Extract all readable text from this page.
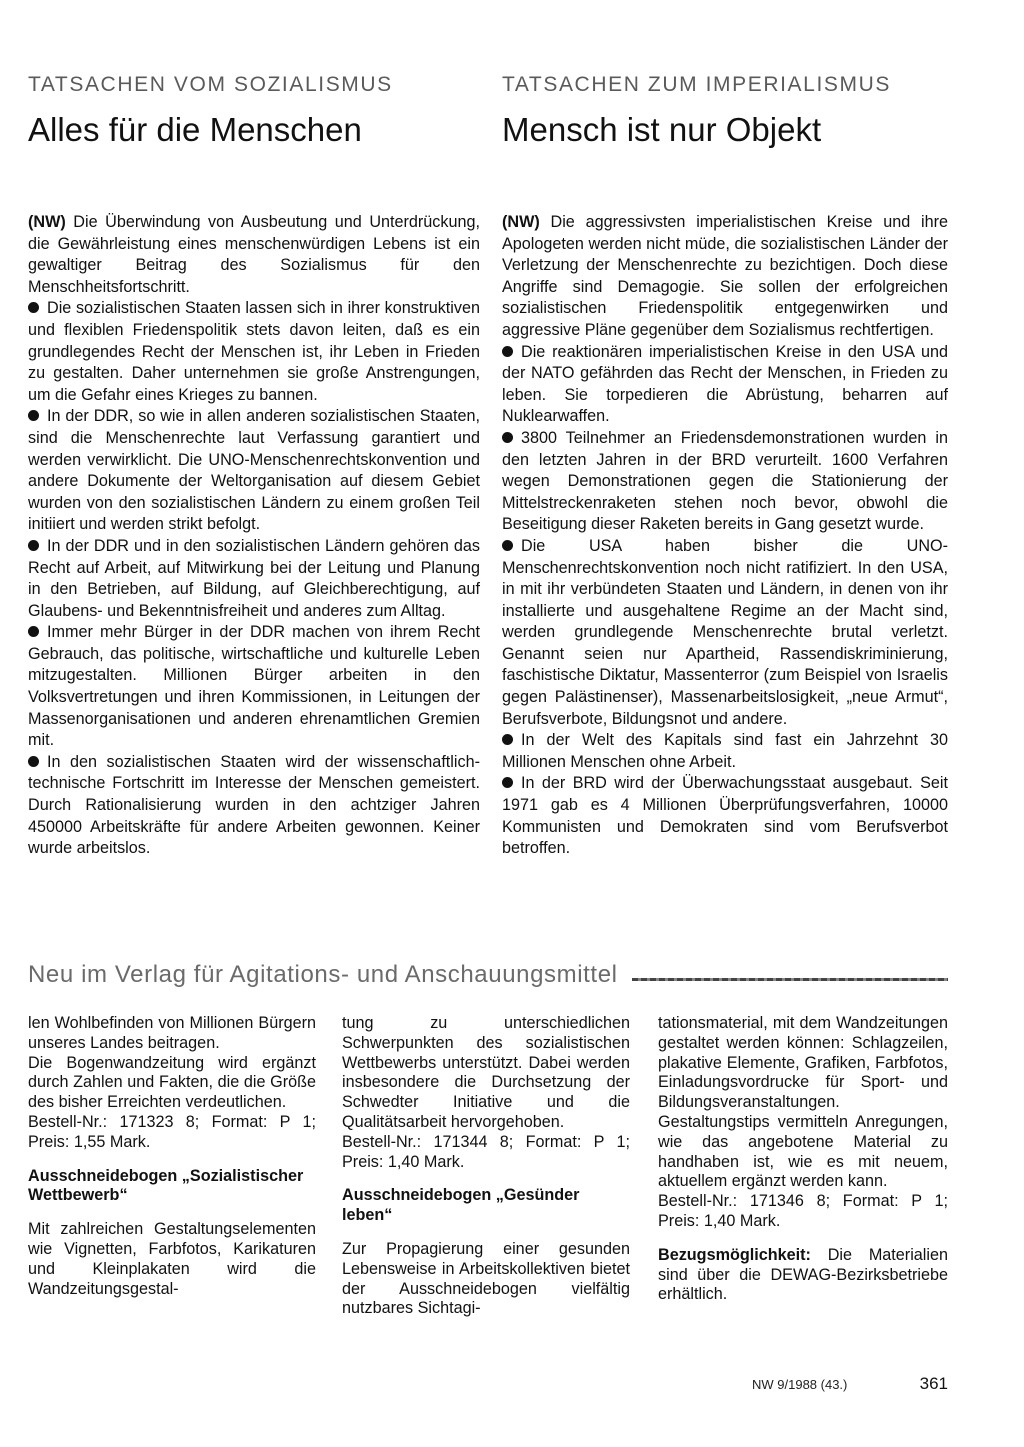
TATSACHEN VOM SOZIALISMUS
Alles für die Menschen

(NW) Die Überwindung von Ausbeutung und Unterdrückung, die Gewährleistung eines menschenwürdigen Lebens ist ein gewaltiger Beitrag des Sozialismus für den Menschheitsfortschritt.

Die sozialistischen Staaten lassen sich in ihrer konstruktiven und flexiblen Friedenspolitik stets davon leiten, daß es ein grundlegendes Recht der Menschen ist, ihr Leben in Frieden zu gestalten. Daher unternehmen sie große Anstrengungen, um die Gefahr eines Krieges zu bannen.

In der DDR, so wie in allen anderen sozialistischen Staaten, sind die Menschenrechte laut Verfassung garantiert und werden verwirklicht. Die UNO-Menschenrechtskonvention und andere Dokumente der Weltorganisation auf diesem Gebiet wurden von den sozialistischen Ländern zu einem großen Teil initiiert und werden strikt befolgt.

In der DDR und in den sozialistischen Ländern gehören das Recht auf Arbeit, auf Mitwirkung bei der Leitung und Planung in den Betrieben, auf Bildung, auf Gleichberechtigung, auf Glaubens- und Bekenntnisfreiheit und anderes zum Alltag.

Immer mehr Bürger in der DDR machen von ihrem Recht Gebrauch, das politische, wirtschaftliche und kulturelle Leben mitzugestalten. Millionen Bürger arbeiten in den Volksvertretungen und ihren Kommissionen, in Leitungen der Massenorganisationen und anderen ehrenamtlichen Gremien mit.

In den sozialistischen Staaten wird der wissenschaftlich-technische Fortschritt im Interesse der Menschen gemeistert. Durch Rationalisierung wurden in den achtziger Jahren 450000 Arbeitskräfte für andere Arbeiten gewonnen. Keiner wurde arbeitslos.

TATSACHEN ZUM IMPERIALISMUS
Mensch ist nur Objekt

(NW) Die aggressivsten imperialistischen Kreise und ihre Apologeten werden nicht müde, die sozialistischen Länder der Verletzung der Menschenrechte zu bezichtigen. Doch diese Angriffe sind Demagogie. Sie sollen der erfolgreichen sozialistischen Friedenspolitik entgegenwirken und aggressive Pläne gegenüber dem Sozialismus rechtfertigen.

Die reaktionären imperialistischen Kreise in den USA und der NATO gefährden das Recht der Menschen, in Frieden zu leben. Sie torpedieren die Abrüstung, beharren auf Nuklearwaffen.

3800 Teilnehmer an Friedensdemonstrationen wurden in den letzten Jahren in der BRD verurteilt. 1600 Verfahren wegen Demonstrationen gegen die Stationierung der Mittelstreckenraketen stehen noch bevor, obwohl die Beseitigung dieser Raketen bereits in Gang gesetzt wurde.

Die USA haben bisher die UNO-Menschenrechtskonvention noch nicht ratifiziert. In den USA, in mit ihr verbündeten Staaten und Ländern, in denen von ihr installierte und ausgehaltene Regime an der Macht sind, werden grundlegende Menschenrechte brutal verletzt. Genannt seien nur Apartheid, Rassendiskriminierung, faschistische Diktatur, Massenterror (zum Beispiel von Israelis gegen Palästinenser), Massenarbeitslosigkeit, „neue Armut“, Berufsverbote, Bildungsnot und andere.

In der Welt des Kapitals sind fast ein Jahrzehnt 30 Millionen Menschen ohne Arbeit.

In der BRD wird der Überwachungsstaat ausgebaut. Seit 1971 gab es 4 Millionen Überprüfungsverfahren, 10000 Kommunisten und Demokraten sind vom Berufsverbot betroffen.

Neu im Verlag für Agitations- und Anschauungsmittel

len Wohlbefinden von Millionen Bürgern unseres Landes beitragen.

Die Bogenwandzeitung wird ergänzt durch Zahlen und Fakten, die die Größe des bisher Erreichten verdeutlichen.

Bestell-Nr.: 171323 8; Format: P 1; Preis: 1,55 Mark.

Ausschneidebogen „Sozialistischer Wettbewerb“

Mit zahlreichen Gestaltungselementen wie Vignetten, Farbfotos, Karikaturen und Kleinplakaten wird die Wandzeitungsgestal-

tung zu unterschiedlichen Schwerpunkten des sozialistischen Wettbewerbs unterstützt. Dabei werden insbesondere die Durchsetzung der Schwedter Initiative und die Qualitätsarbeit hervorgehoben.

Bestell-Nr.: 171344 8; Format: P 1; Preis: 1,40 Mark.

Ausschneidebogen „Gesünder leben“

Zur Propagierung einer gesunden Lebensweise in Arbeitskollektiven bietet der Ausschneidebogen vielfältig nutzbares Sichtagi-

tationsmaterial, mit dem Wandzeitungen gestaltet werden können: Schlagzeilen, plakative Elemente, Grafiken, Farbfotos, Einladungsvordrucke für Sport- und Bildungsveranstaltungen. Gestaltungstips vermitteln Anregungen, wie das angebotene Material zu handhaben ist, wie es mit neuem, aktuellem ergänzt werden kann.

Bestell-Nr.: 171346 8; Format: P 1; Preis: 1,40 Mark.

Bezugsmöglichkeit: Die Materialien sind über die DEWAG-Bezirksbetriebe erhältlich.

NW 9/1988 (43.)	361
